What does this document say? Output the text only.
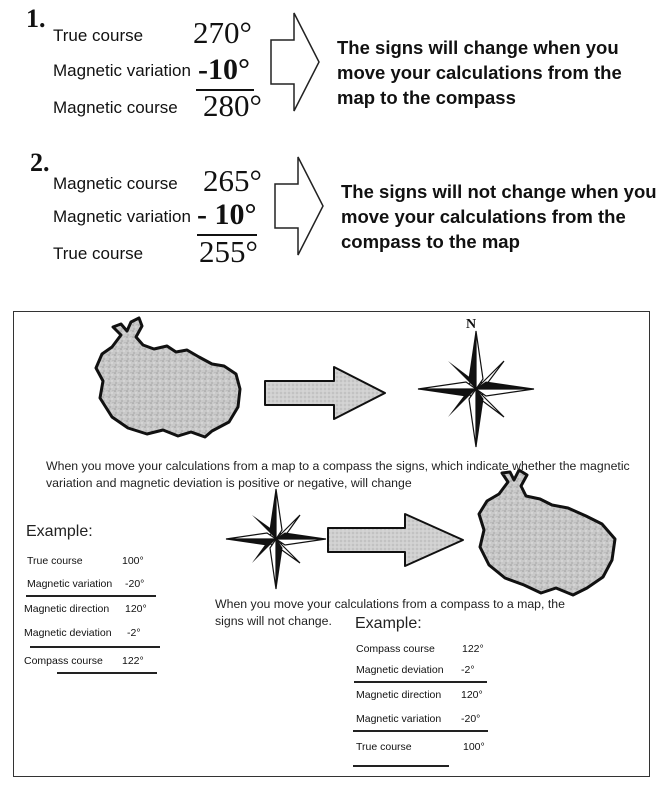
1.
True course 270°
Magnetic variation -10°
Magnetic course 280°
The signs will change when you
move your calculations from the
map to the compass
2.
Magnetic course 265°
Magnetic variation - 10°
True course 255°
The signs will not change when you
move your calculations from the
compass to the map
N
When you move your calculations from a map to a compass the signs, which indicate whether the magnetic
variation and magnetic deviation is positive or negative, will change
When you move your calculations from a compass to a map, the
signs will not change.
Example:
True course	100°
Magnetic variation -20°
Magnetic direction 120°
Magnetic deviation -2°
Compass course 122°
Example:
Compass course	122°
Magnetic deviation -2°
Magnetic direction 120°
Magnetic variation -20°
True course	100°
